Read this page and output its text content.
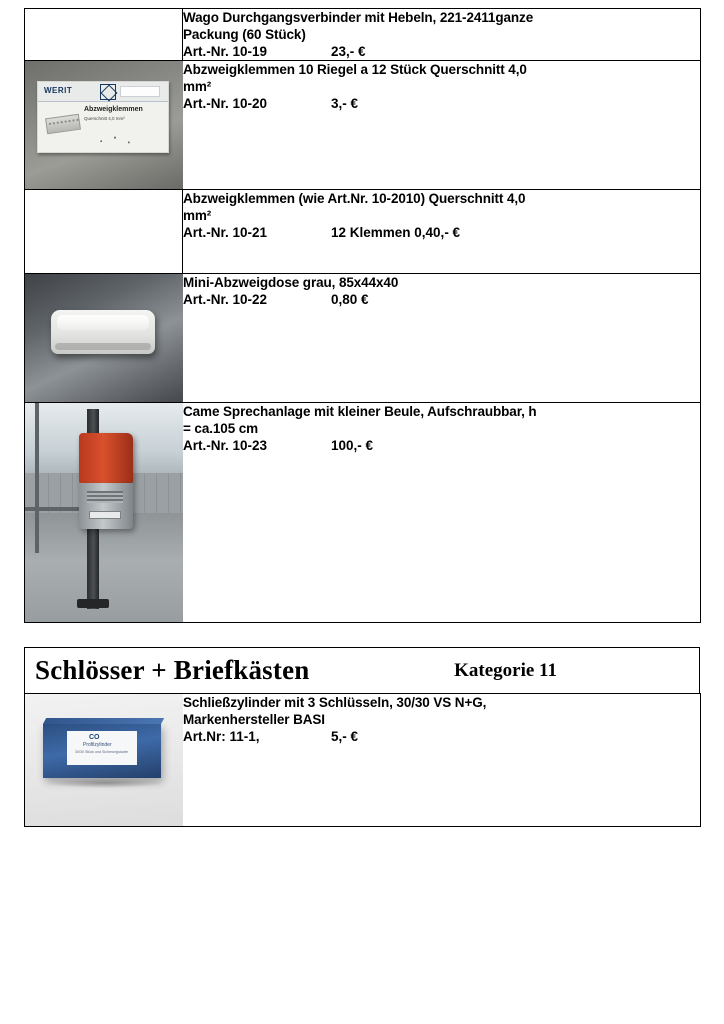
	Wago Durchgangsverbinder mit Hebeln, 221-2411ganze
Packung (60 Stück)
Art.-Nr. 10-19 23,- €

WERIT
Abzweigklemmen
Querschnitt 4,0 mm²

Abzweigklemmen 10 Riegel a 12 Stück Querschnitt 4,0
mm²
Art.-Nr. 10-20	3,- €

	Abzweigklemmen (wie Art.Nr. 10-2010) Querschnitt 4,0
mm²
Art.-Nr. 10-21 12 Klemmen 0,40,- €

	Mini-Abzweigdose grau, 85x44x40
Art.-Nr. 10-22 0,80 €

	Came Sprechanlage mit kleiner Beule, Aufschraubbar, h
= ca.105 cm
Art.-Nr. 10-23 100,- €
Schlösser + Briefkästen	Kategorie 11
CO
Profilzylinder
30/30 Stück und Sicherungskarte

Schließzylinder mit 3 Schlüsseln, 30/30 VS N+G,
Markenhersteller BASI
Art.Nr: 11-1,	5,- €
